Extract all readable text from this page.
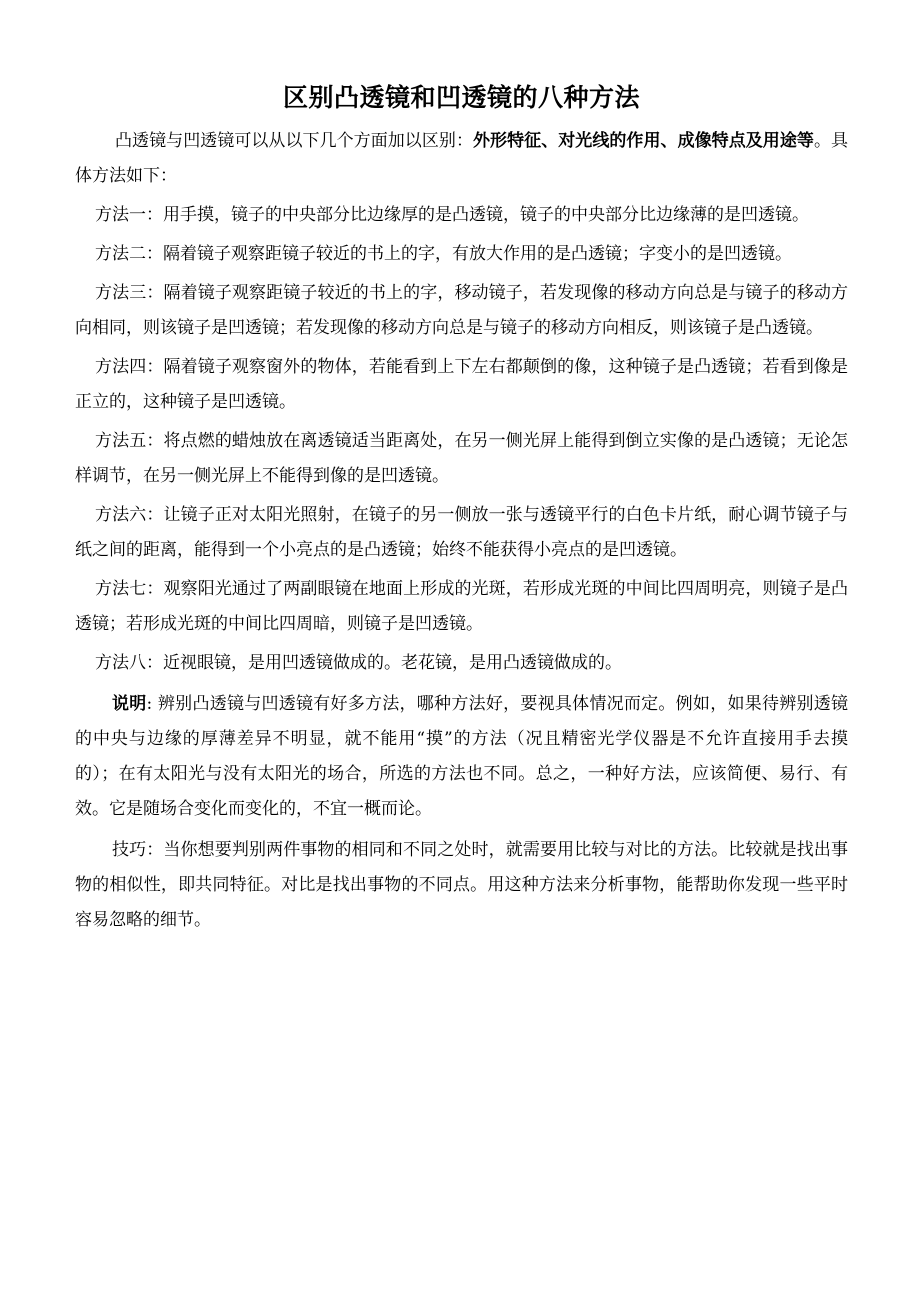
区别凸透镜和凹透镜的八种方法

凸透镜与凹透镜可以从以下几个方面加以区别：外形特征、对光线的作用、成像特点及用途等。具体方法如下：

方法一：用手摸，镜子的中央部分比边缘厚的是凸透镜，镜子的中央部分比边缘薄的是凹透镜。

方法二：隔着镜子观察距镜子较近的书上的字，有放大作用的是凸透镜；字变小的是凹透镜。

方法三：隔着镜子观察距镜子较近的书上的字，移动镜子，若发现像的移动方向总是与镜子的移动方向相同，则该镜子是凹透镜；若发现像的移动方向总是与镜子的移动方向相反，则该镜子是凸透镜。

方法四：隔着镜子观察窗外的物体，若能看到上下左右都颠倒的像，这种镜子是凸透镜；若看到像是正立的，这种镜子是凹透镜。

方法五：将点燃的蜡烛放在离透镜适当距离处，在另一侧光屏上能得到倒立实像的是凸透镜；无论怎样调节，在另一侧光屏上不能得到像的是凹透镜。

方法六：让镜子正对太阳光照射，在镜子的另一侧放一张与透镜平行的白色卡片纸，耐心调节镜子与纸之间的距离，能得到一个小亮点的是凸透镜；始终不能获得小亮点的是凹透镜。

方法七：观察阳光通过了两副眼镜在地面上形成的光斑，若形成光斑的中间比四周明亮，则镜子是凸透镜；若形成光斑的中间比四周暗，则镜子是凹透镜。

方法八：近视眼镜，是用凹透镜做成的。老花镜，是用凸透镜做成的。

说明: 辨别凸透镜与凹透镜有好多方法，哪种方法好，要视具体情况而定。例如，如果待辨别透镜的中央与边缘的厚薄差异不明显，就不能用“摸”的方法（况且精密光学仪器是不允许直接用手去摸的）；在有太阳光与没有太阳光的场合，所选的方法也不同。总之，一种好方法，应该简便、易行、有效。它是随场合变化而变化的，不宜一概而论。

技巧：当你想要判别两件事物的相同和不同之处时，就需要用比较与对比的方法。比较就是找出事物的相似性，即共同特征。对比是找出事物的不同点。用这种方法来分析事物，能帮助你发现一些平时容易忽略的细节。
